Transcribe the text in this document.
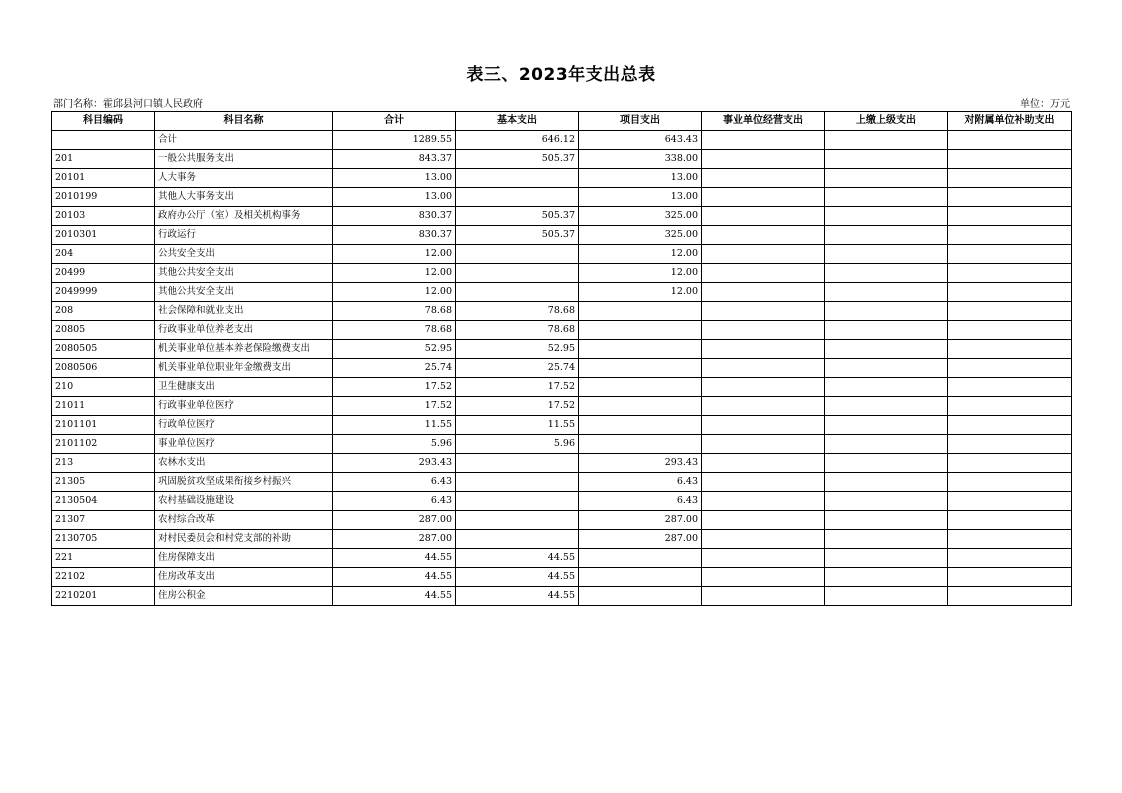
表三、2023年支出总表
部门名称：霍邱县河口镇人民政府	单位：万元
科目编码	科目名称	合计	基本支出	项目支出	事业单位经营支出	上缴上级支出	对附属单位补助支出
	合计	1289.55	646.12	643.43			
201	一般公共服务支出	843.37	505.37	338.00			
20101	人大事务	13.00		13.00			
2010199	其他人大事务支出	13.00		13.00			
20103	政府办公厅（室）及相关机构事务	830.37	505.37	325.00			
2010301	行政运行	830.37	505.37	325.00			
204	公共安全支出	12.00		12.00			
20499	其他公共安全支出	12.00		12.00			
2049999	其他公共安全支出	12.00		12.00			
208	社会保障和就业支出	78.68	78.68				
20805	行政事业单位养老支出	78.68	78.68				
2080505	机关事业单位基本养老保险缴费支出	52.95	52.95				
2080506	机关事业单位职业年金缴费支出	25.74	25.74				
210	卫生健康支出	17.52	17.52				
21011	行政事业单位医疗	17.52	17.52				
2101101	行政单位医疗	11.55	11.55				
2101102	事业单位医疗	5.96	5.96				
213	农林水支出	293.43		293.43			
21305	巩固脱贫攻坚成果衔接乡村振兴	6.43		6.43			
2130504	农村基础设施建设	6.43		6.43			
21307	农村综合改革	287.00		287.00			
2130705	对村民委员会和村党支部的补助	287.00		287.00			
221	住房保障支出	44.55	44.55				
22102	住房改革支出	44.55	44.55				
2210201	住房公积金	44.55	44.55				
